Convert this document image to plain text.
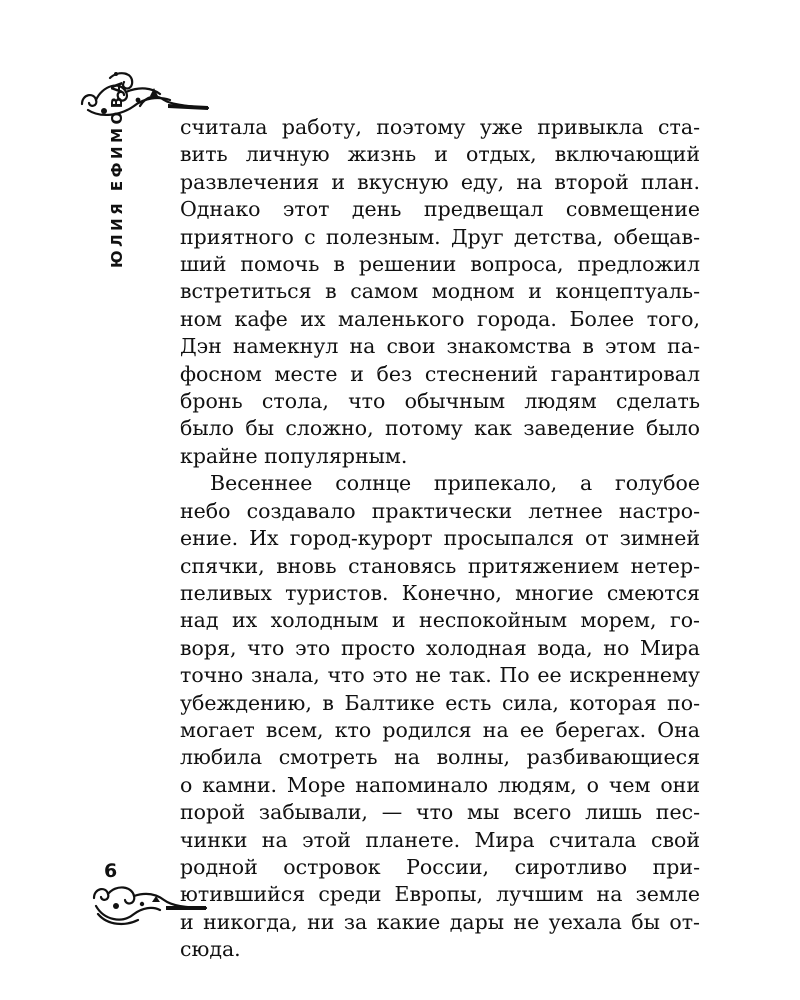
ЮЛИЯ ЕФИМОВА	считала работу, поэтому уже привыкла ста-
вить личную жизнь и отдых, включающий
развлечения и вкусную еду, на второй план.
Однако этот день предвещал совмещение
приятного с полезным. Друг детства, обещав-
ший помочь в решении вопроса, предложил
встретиться в самом модном и концептуаль-
ном кафе их маленького города. Более того,
Дэн намекнул на свои знакомства в этом па-
фосном месте и без стеснений гарантировал
бронь стола, что обычным людям сделать
было бы сложно, потому как заведение было
крайне популярным.

Весеннее солнце припекало, а голубое
небо создавало практически летнее настро-
ение. Их город-курорт просыпался от зимней
спячки, вновь становясь притяжением нетер-
пеливых туристов. Конечно, многие смеются
над их холодным и неспокойным морем, го-
воря, что это просто холодная вода, но Мира
точно знала, что это не так. По ее искреннему
убеждению, в Балтике есть сила, которая по-
могает всем, кто родился на ее берегах. Она
любила смотреть на волны, разбивающиеся
о камни. Море напоминало людям, о чем они
порой забывали, — что мы всего лишь пес-
чинки на этой планете. Мира считала свой
родной островок России, сиротливо при-
ютившийся среди Европы, лучшим на земле
и никогда, ни за какие дары не уехала бы от-
сюда.

6
